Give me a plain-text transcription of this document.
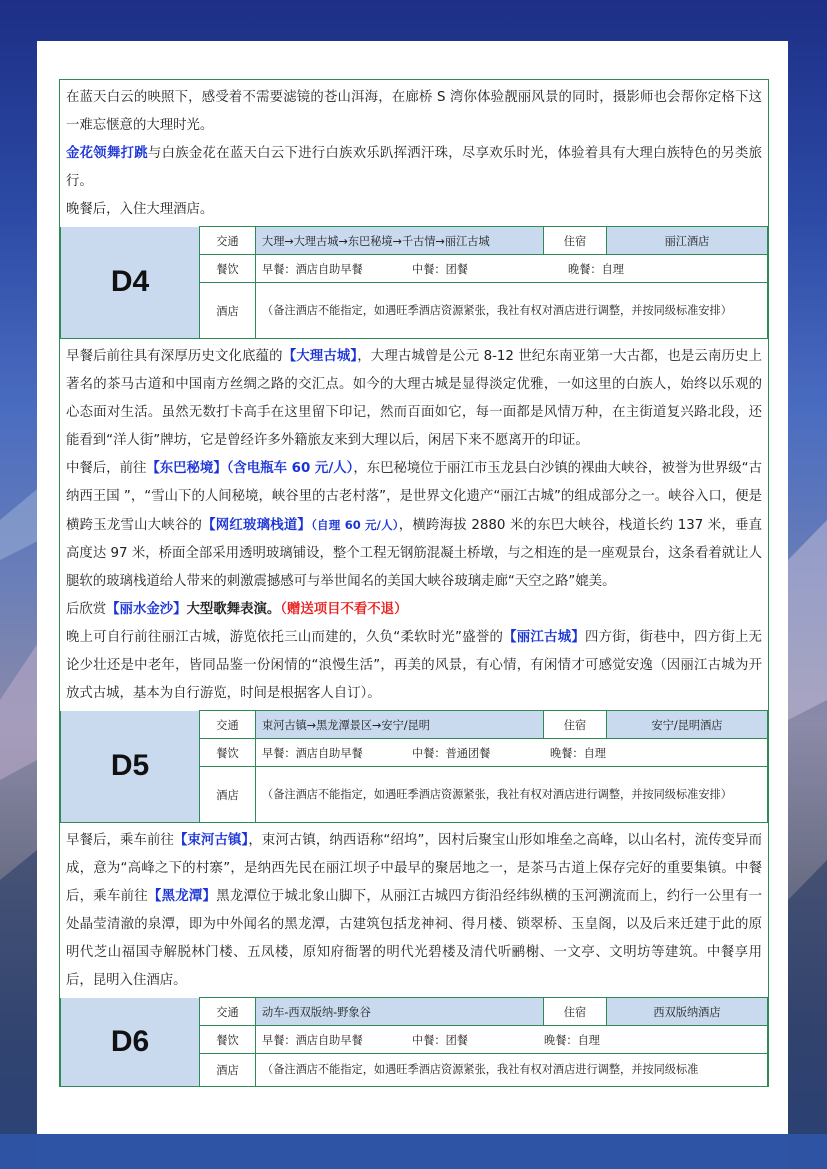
在蓝天白云的映照下，感受着不需要滤镜的苍山洱海，在廊桥 S 湾你体验靓丽风景的同时，摄影师也会帮你定格下这一难忘惬意的大理时光。

金花领舞打跳与白族金花在蓝天白云下进行白族欢乐趴挥洒汗珠，尽享欢乐时光，体验着具有大理白族特色的另类旅行。

晚餐后，入住大理酒店。

D4	交通	大理→大理古城→东巴秘境→千古情→丽江古城	住宿	丽江酒店
	餐饮	早餐：酒店自助早餐 中餐：团餐 晚餐：自理		
	酒店	（备注酒店不能指定，如遇旺季酒店资源紧张，我社有权对酒店进行调整，并按同级标准安排）		

早餐后前往具有深厚历史文化底蕴的【大理古城】，大理古城曾是公元 8-12 世纪东南亚第一大古都，也是云南历史上著名的茶马古道和中国南方丝绸之路的交汇点。如今的大理古城是显得淡定优雅，一如这里的白族人，始终以乐观的心态面对生活。虽然无数打卡高手在这里留下印记，然而百面如它，每一面都是风情万种，在主街道复兴路北段，还能看到“洋人街”牌坊，它是曾经许多外籍旅友来到大理以后，闲居下来不愿离开的印证。

中餐后，前往【东巴秘境】（含电瓶车 60 元/人），东巴秘境位于丽江市玉龙县白沙镇的裸曲大峡谷，被誉为世界级“古纳西王国 ”，“雪山下的人间秘境，峡谷里的古老村落”，是世界文化遗产“丽江古城”的组成部分之一。峡谷入口，便是横跨玉龙雪山大峡谷的【网红玻璃栈道】（自理 60 元/人），横跨海拔 2880 米的东巴大峡谷，栈道长约 137 米，垂直高度达 97 米，桥面全部采用透明玻璃铺设，整个工程无钢筋混凝土桥墩，与之相连的是一座观景台，这条看着就让人腿软的玻璃栈道给人带来的刺激震撼感可与举世闻名的美国大峡谷玻璃走廊“天空之路”媲美。

后欣赏【丽水金沙】大型歌舞表演。（赠送项目不看不退）

晚上可自行前往丽江古城，游览依托三山而建的，久负“柔软时光”盛誉的【丽江古城】四方街，街巷中，四方街上无论少壮还是中老年，皆同品鉴一份闲情的“浪慢生活”，再美的风景，有心情，有闲情才可感觉安逸（因丽江古城为开放式古城，基本为自行游览，时间是根据客人自订）。

D5	交通	束河古镇→黑龙潭景区→安宁/昆明	住宿	安宁/昆明酒店
	餐饮	早餐：酒店自助早餐 中餐：普通团餐 晚餐：自理		
	酒店	（备注酒店不能指定，如遇旺季酒店资源紧张，我社有权对酒店进行调整，并按同级标准安排）		

早餐后，乘车前往【束河古镇】，束河古镇，纳西语称“绍坞”，因村后聚宝山形如堆垒之高峰，以山名村，流传变异而成，意为“高峰之下的村寨”，是纳西先民在丽江坝子中最早的聚居地之一，是茶马古道上保存完好的重要集镇。中餐后，乘车前往【黑龙潭】黑龙潭位于城北象山脚下，从丽江古城四方街沿经纬纵横的玉河溯流而上，约行一公里有一处晶莹清澈的泉潭，即为中外闻名的黑龙潭，古建筑包括龙神祠、得月楼、锁翠桥、玉皇阁，以及后来迁建于此的原明代芝山福国寺解脱林门楼、五凤楼，原知府衙署的明代光碧楼及清代听鹂榭、一文亭、文明坊等建筑。中餐享用后，昆明入住酒店。

D6	交通	动车-西双版纳-野象谷	住宿	西双版纳酒店
	餐饮	早餐：酒店自助早餐 中餐：团餐 晚餐：自理		
	酒店	（备注酒店不能指定，如遇旺季酒店资源紧张，我社有权对酒店进行调整，并按同级标准		
